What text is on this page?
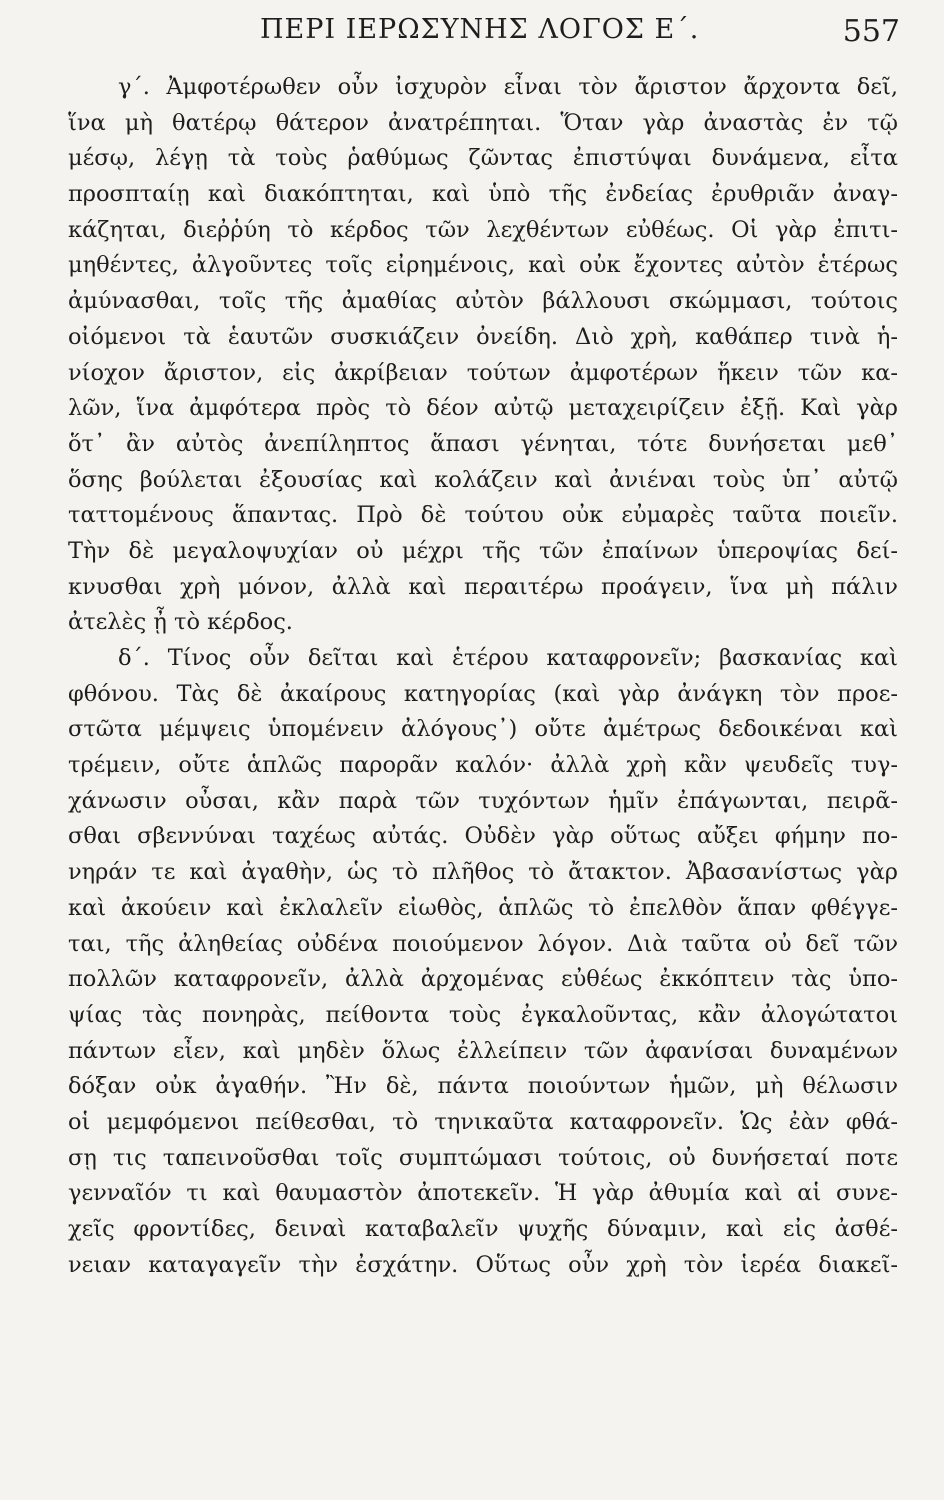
ΠΕΡΙ ΙΕΡΩΣΥΝΗΣ ΛΟΓΟΣ Ε΄.	557
γ΄. Ἀμφοτέρωθεν οὖν ἰσχυρὸν εἶναι τὸν ἄριστον ἄρχοντα δεῖ,
ἵνα μὴ θατέρῳ θάτερον ἀνατρέπηται. Ὅταν γὰρ ἀναστὰς ἐν τῷ
μέσῳ, λέγῃ τὰ τοὺς ῥαθύμως ζῶντας ἐπιστύψαι δυνάμενα, εἶτα
προσπταίῃ καὶ διακόπτηται, καὶ ὑπὸ τῆς ἐνδείας ἐρυθριᾶν ἀναγ-
κάζηται, διεῤῥύη τὸ κέρδος τῶν λεχθέντων εὐθέως. Οἱ γὰρ ἐπιτι-
μηθέντες, ἀλγοῦντες τοῖς εἰρημένοις, καὶ οὐκ ἔχοντες αὐτὸν ἑτέρως
ἀμύνασθαι, τοῖς τῆς ἀμαθίας αὐτὸν βάλλουσι σκώμμασι, τούτοις
οἰόμενοι τὰ ἑαυτῶν συσκιάζειν ὀνείδη. Διὸ χρὴ, καθάπερ τινὰ ἡ-
νίοχον ἄριστον, εἰς ἀκρίβειαν τούτων ἀμφοτέρων ἥκειν τῶν κα-
λῶν, ἵνα ἀμφότερα πρὸς τὸ δέον αὐτῷ μεταχειρίζειν ἐξῇ. Καὶ γὰρ
ὅτ᾽ ἂν αὐτὸς ἀνεπίληπτος ἅπασι γένηται, τότε δυνήσεται μεθ᾽
ὅσης βούλεται ἐξουσίας καὶ κολάζειν καὶ ἀνιέναι τοὺς ὑπ᾽ αὐτῷ
ταττομένους ἅπαντας. Πρὸ δὲ τούτου οὐκ εὐμαρὲς ταῦτα ποιεῖν.
Τὴν δὲ μεγαλοψυχίαν οὐ μέχρι τῆς τῶν ἐπαίνων ὑπεροψίας δεί-
κνυσθαι χρὴ μόνον, ἀλλὰ καὶ περαιτέρω προάγειν, ἵνα μὴ πάλιν
ἀτελὲς ᾖ τὸ κέρδος.
δ΄. Τίνος οὖν δεῖται καὶ ἑτέρου καταφρονεῖν; βασκανίας καὶ
φθόνου. Τὰς δὲ ἀκαίρους κατηγορίας (καὶ γὰρ ἀνάγκη τὸν προε-
στῶτα μέμψεις ὑπομένειν ἀλόγους᾽) οὔτε ἀμέτρως δεδοικέναι καὶ
τρέμειν, οὔτε ἁπλῶς παρορᾶν καλόν· ἀλλὰ χρὴ κἂν ψευδεῖς τυγ-
χάνωσιν οὖσαι, κἂν παρὰ τῶν τυχόντων ἡμῖν ἐπάγωνται, πειρᾶ-
σθαι σβεννύναι ταχέως αὐτάς. Οὐδὲν γὰρ οὕτως αὔξει φήμην πο-
νηράν τε καὶ ἀγαθὴν, ὡς τὸ πλῆθος τὸ ἄτακτον. Ἀβασανίστως γὰρ
καὶ ἀκούειν καὶ ἐκλαλεῖν εἰωθὸς, ἁπλῶς τὸ ἐπελθὸν ἅπαν φθέγγε-
ται, τῆς ἀληθείας οὐδένα ποιούμενον λόγον. Διὰ ταῦτα οὐ δεῖ τῶν
πολλῶν καταφρονεῖν, ἀλλὰ ἀρχομένας εὐθέως ἐκκόπτειν τὰς ὑπο-
ψίας τὰς πονηρὰς, πείθοντα τοὺς ἐγκαλοῦντας, κἂν ἀλογώτατοι
πάντων εἶεν, καὶ μηδὲν ὅλως ἐλλείπειν τῶν ἀφανίσαι δυναμένων
δόξαν οὐκ ἀγαθήν. Ἢν δὲ, πάντα ποιούντων ἡμῶν, μὴ θέλωσιν
οἱ μεμφόμενοι πείθεσθαι, τὸ τηνικαῦτα καταφρονεῖν. Ὡς ἐὰν φθά-
σῃ τις ταπεινοῦσθαι τοῖς συμπτώμασι τούτοις, οὐ δυνήσεταί ποτε
γενναῖόν τι καὶ θαυμαστὸν ἀποτεκεῖν. Ἡ γὰρ ἀθυμία καὶ αἱ συνε-
χεῖς φροντίδες, δειναὶ καταβαλεῖν ψυχῆς δύναμιν, καὶ εἰς ἀσθέ-
νειαν καταγαγεῖν τὴν ἐσχάτην. Οὕτως οὖν χρὴ τὸν ἱερέα διακεῖ-
